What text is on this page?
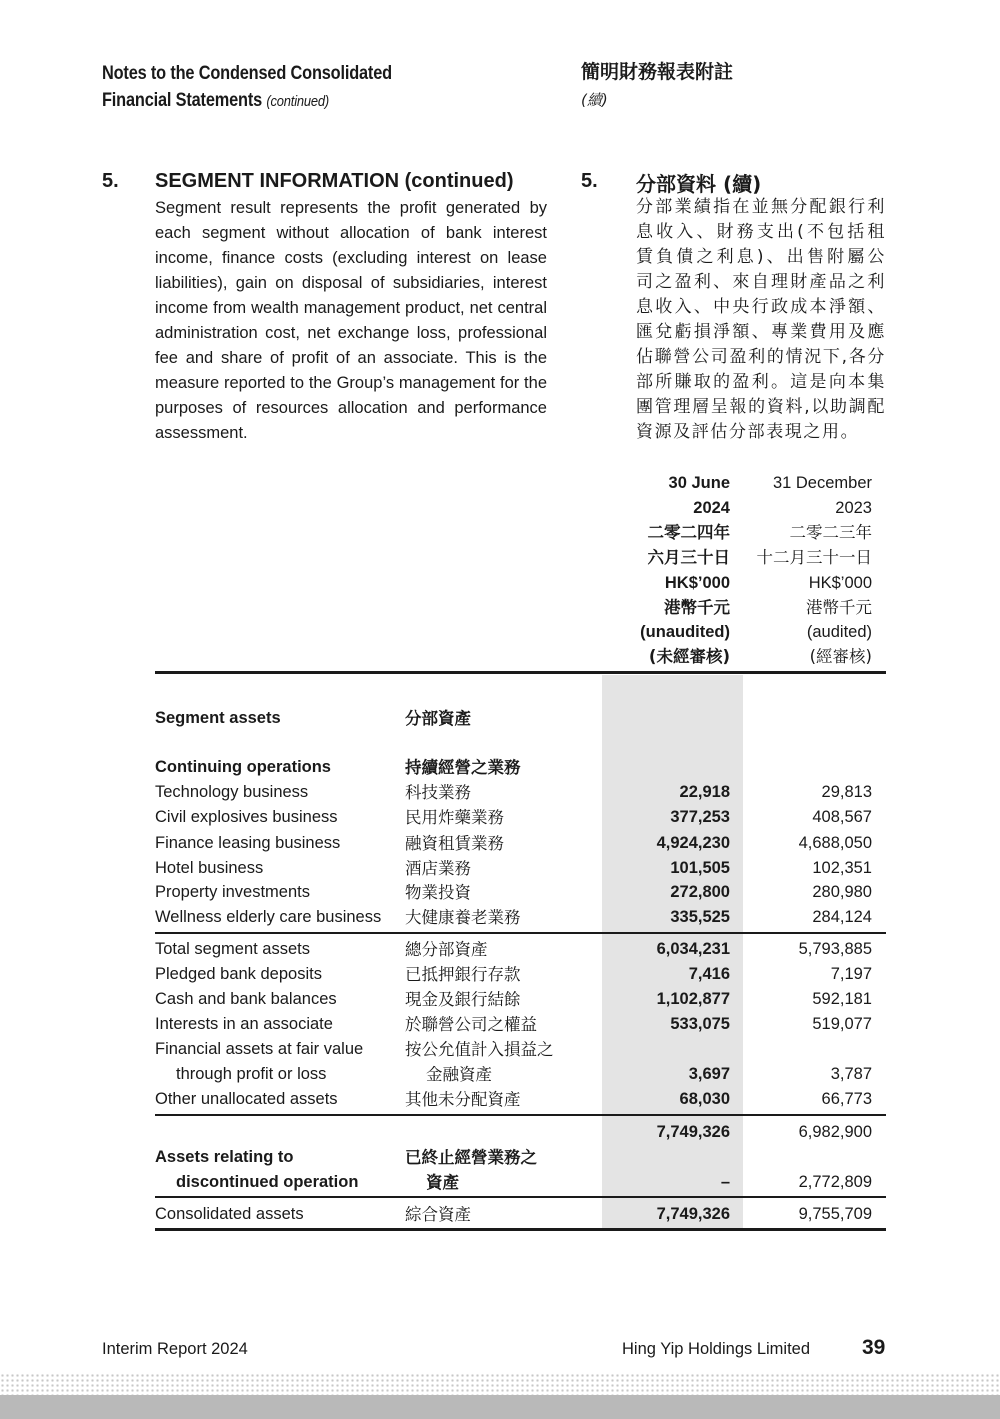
Notes to the Condensed Consolidated
Financial Statements (continued)
簡明財務報表附註
(續)
5. SEGMENT INFORMATION (continued)	5. 分部資料 (續)
Segment result represents the profit generated by each segment without allocation of bank interest income, finance costs (excluding interest on lease liabilities), gain on disposal of subsidiaries, interest income from wealth management product, net central administration cost, net exchange loss, professional fee and share of profit of an associate. This is the measure reported to the Group’s management for the purposes of resources allocation and performance assessment.
分部業績指在並無分配銀行利息收入、財務支出(不包括租賃負債之利息)、出售附屬公司之盈利、來自理財產品之利息收入、中央行政成本淨額、匯兌虧損淨額、專業費用及應佔聯營公司盈利的情況下,各分部所賺取的盈利。這是向本集團管理層呈報的資料,以助調配資源及評估分部表現之用。
30 June
2024
二零二四年
六月三十日
HK$’000
港幣千元
(unaudited)
(未經審核)
31 December
2023
二零二三年
十二月三十一日
HK$’000
港幣千元
(audited)
(經審核)
Segment assets	分部資產
Continuing operations	持續經營之業務
Technology business	科技業務	22,918	29,813
Civil explosives business	民用炸藥業務	377,253	408,567
Finance leasing business	融資租賃業務	4,924,230	4,688,050
Hotel business	酒店業務	101,505	102,351
Property investments	物業投資	272,800	280,980
Wellness elderly care business 大健康養老業務	335,525	284,124
Total segment assets	總分部資產	6,034,231	5,793,885
Pledged bank deposits	已抵押銀行存款	7,416	7,197
Cash and bank balances	現金及銀行結餘	1,102,877	592,181
Interests in an associate	於聯營公司之權益	533,075	519,077
Financial assets at fair value	按公允值計入損益之
through profit or loss	金融資產	3,697	3,787
Other unallocated assets	其他未分配資產	68,030	66,773
7,749,326	6,982,900
Assets relating to	已終止經營業務之
discontinued operation	資產	–	2,772,809
Consolidated assets	綜合資產	7,749,326	9,755,709
Interim Report 2024	Hing Yip Holdings Limited 39
